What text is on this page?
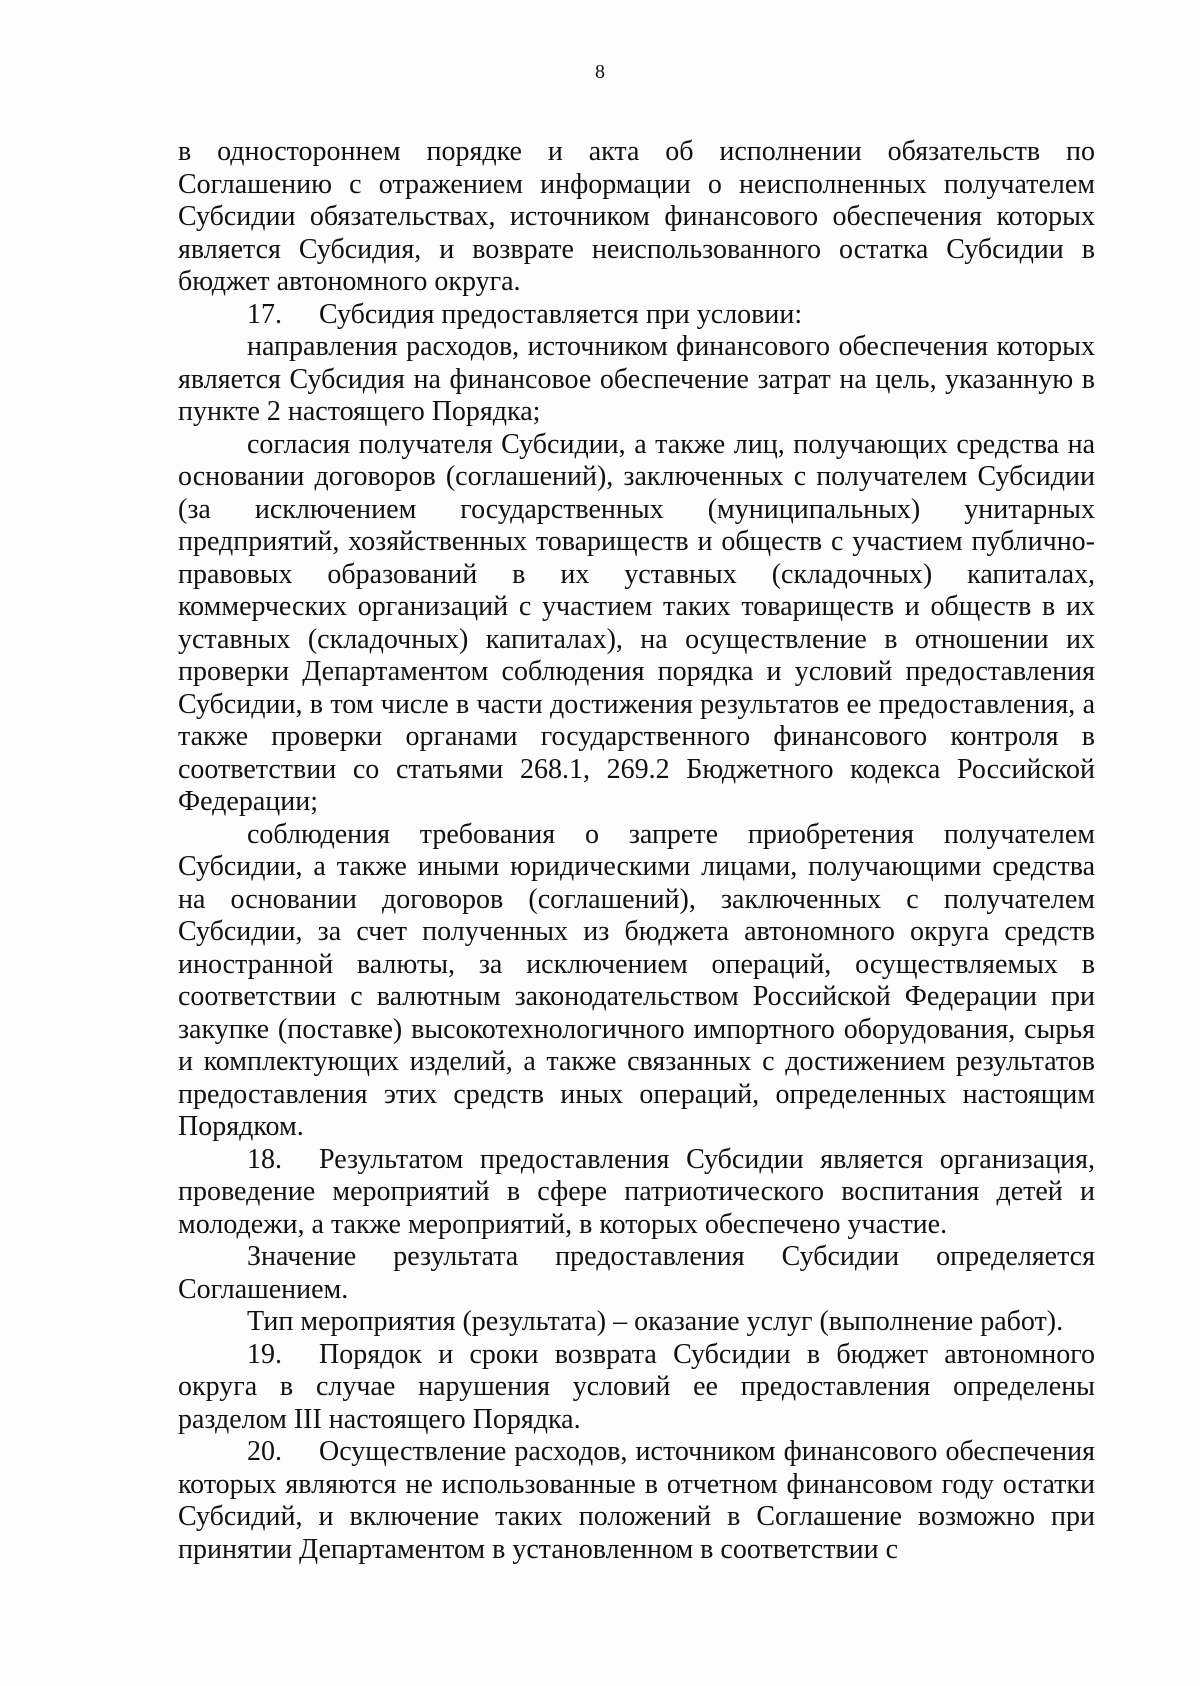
8

в одностороннем порядке и акта об исполнении обязательств по Соглашению с отражением информации о неисполненных получателем Субсидии обязательствах, источником финансового обеспечения которых является Субсидия, и возврате неиспользованного остатка Субсидии в бюджет автономного округа.

17. Субсидия предоставляется при условии:

направления расходов, источником финансового обеспечения которых является Субсидия на финансовое обеспечение затрат на цель, указанную в пункте 2 настоящего Порядка;

согласия получателя Субсидии, а также лиц, получающих средства на основании договоров (соглашений), заключенных с получателем Субсидии (за исключением государственных (муниципальных) унитарных предприятий, хозяйственных товариществ и обществ с участием публично-правовых образований в их уставных (складочных) капиталах, коммерческих организаций с участием таких товариществ и обществ в их уставных (складочных) капиталах), на осуществление в отношении их проверки Департаментом соблюдения порядка и условий предоставления Субсидии, в том числе в части достижения результатов ее предоставления, а также проверки органами государственного финансового контроля в соответствии со статьями 268.1, 269.2 Бюджетного кодекса Российской Федерации;

соблюдения требования о запрете приобретения получателем Субсидии, а также иными юридическими лицами, получающими средства на основании договоров (соглашений), заключенных с получателем Субсидии, за счет полученных из бюджета автономного округа средств иностранной валюты, за исключением операций, осуществляемых в соответствии с валютным законодательством Российской Федерации при закупке (поставке) высокотехнологичного импортного оборудования, сырья и комплектующих изделий, а также связанных с достижением результатов предоставления этих средств иных операций, определенных настоящим Порядком.

18. Результатом предоставления Субсидии является организация, проведение мероприятий в сфере патриотического воспитания детей и молодежи, а также мероприятий, в которых обеспечено участие.

Значение результата предоставления Субсидии определяется Соглашением.

Тип мероприятия (результата) – оказание услуг (выполнение работ).

19. Порядок и сроки возврата Субсидии в бюджет автономного округа в случае нарушения условий ее предоставления определены разделом III настоящего Порядка.

20. Осуществление расходов, источником финансового обеспечения которых являются не использованные в отчетном финансовом году остатки Субсидий, и включение таких положений в Соглашение возможно при принятии Департаментом в установленном в соответствии с
